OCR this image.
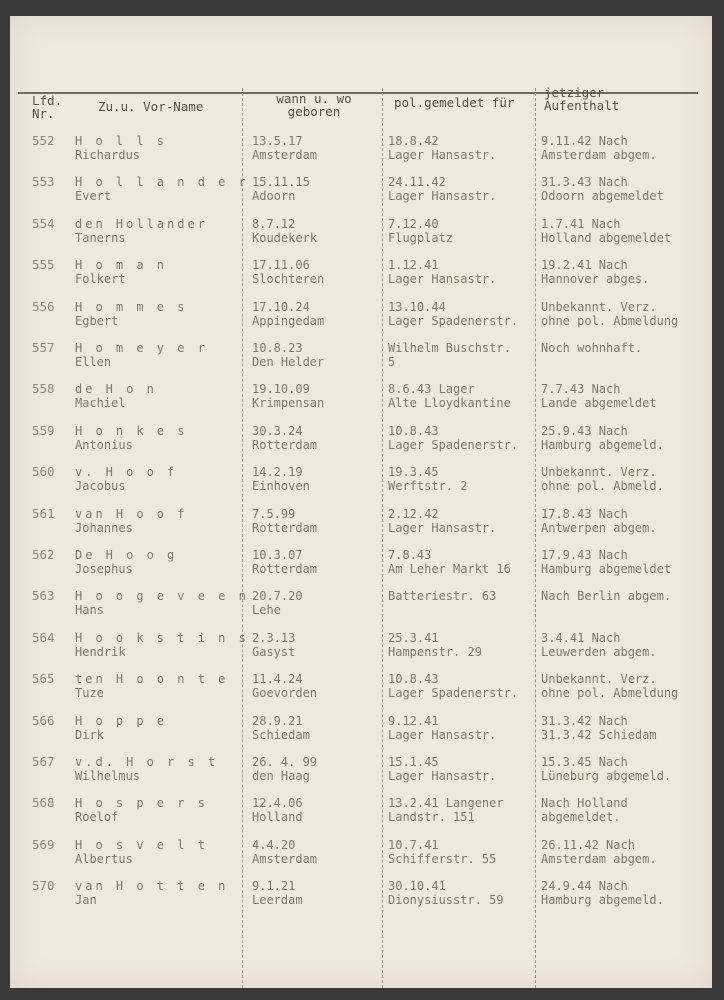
Lfd.
Nr.	Zu.u. Vor-Name
wann u. wo
geboren
pol.gemeldet für
jetziger
Aufenthalt
552 H o l l s
Richardus
13.5.17
Amsterdam
18.8.42
Lager Hansastr.
9.11.42 Nach
Amsterdam abgem.
553 H o l l a n d e r
Evert
15.11.15
Adoorn
24.11.42
Lager Hansastr.
31.3.43 Nach
Odoorn abgemeldet
554 den Hollander
Tanerns
8.7.12
Koudekerk
7.12.40
Flugplatz
1.7.41 Nach
Holland abgemeldet
555 H o m a n
Folkert
17.11.06
Slochteren
1.12.41
Lager Hansastr.
19.2.41 Nach
Hannover abges.
556 H o m m e s
Egbert
17.10.24
Appingedam
13.10.44
Lager Spadenerstr.
Unbekannt. Verz.
ohne pol. Abmeldung
557 H o m e y e r
Ellen
10.8.23
Den Helder
Wilhelm Buschstr.
5
Noch wohnhaft.
558 de H o n
Machiel
19.10.09
Krimpensan
8.6.43 Lager
Alte Lloydkantine
7.7.43 Nach
Lande abgemeldet
559 H o n k e s
Antonius
30.3.24
Rotterdam
10.8.43
Lager Spadenerstr.
25.9.43 Nach
Hamburg abgemeld.
560 v. H o o f
Jacobus
14.2.19
Einhoven
19.3.45
Werftstr. 2
Unbekannt. Verz.
ohne pol. Abmeld.
561 van H o o f
Johannes
7.5.99
Rotterdam
2.12.42
Lager Hansastr.
17.8.43 Nach
Antwerpen abgem.
562 De H o o g
Josephus
10.3.07
Rotterdam
7.8.43
Am Leher Markt 16
17.9.43 Nach
Hamburg abgemeldet
563 H o o g e v e e n
Hans
20.7.20
Lehe
Batteriestr. 63	Nach Berlin abgem.
564 H o o k s t i n s
Hendrik
2.3.13
Gasyst
25.3.41
Hampenstr. 29
3.4.41 Nach
Leuwerden abgem.
565 ten H o o n t e
Tuze
11.4.24
Goevorden
10.8.43
Lager Spadenerstr.
Unbekannt. Verz.
ohne pol. Abmeldung
566 H o p p e
Dirk
28.9.21
Schiedam
9.12.41
Lager Hansastr.
31.3.42 Nach
31.3.42 Schiedam
567 v.d. H o r s t
Wilhelmus
26. 4. 99
den Haag
15.1.45
Lager Hansastr.
15.3.45 Nach
Lüneburg abgemeld.
568 H o s p e r s
Roelof
12.4.06
Holland
13.2.41 Langener
Landstr. 151
Nach Holland
abgemeldet.
569 H o s v e l t
Albertus
4.4.20
Amsterdam
10.7.41
Schifferstr. 55
26.11.42 Nach
Amsterdam abgem.
570 van H o t t e n
Jan
9.1.21
Leerdam
30.10.41
Dionysiusstr. 59
24.9.44 Nach
Hamburg abgemeld.
